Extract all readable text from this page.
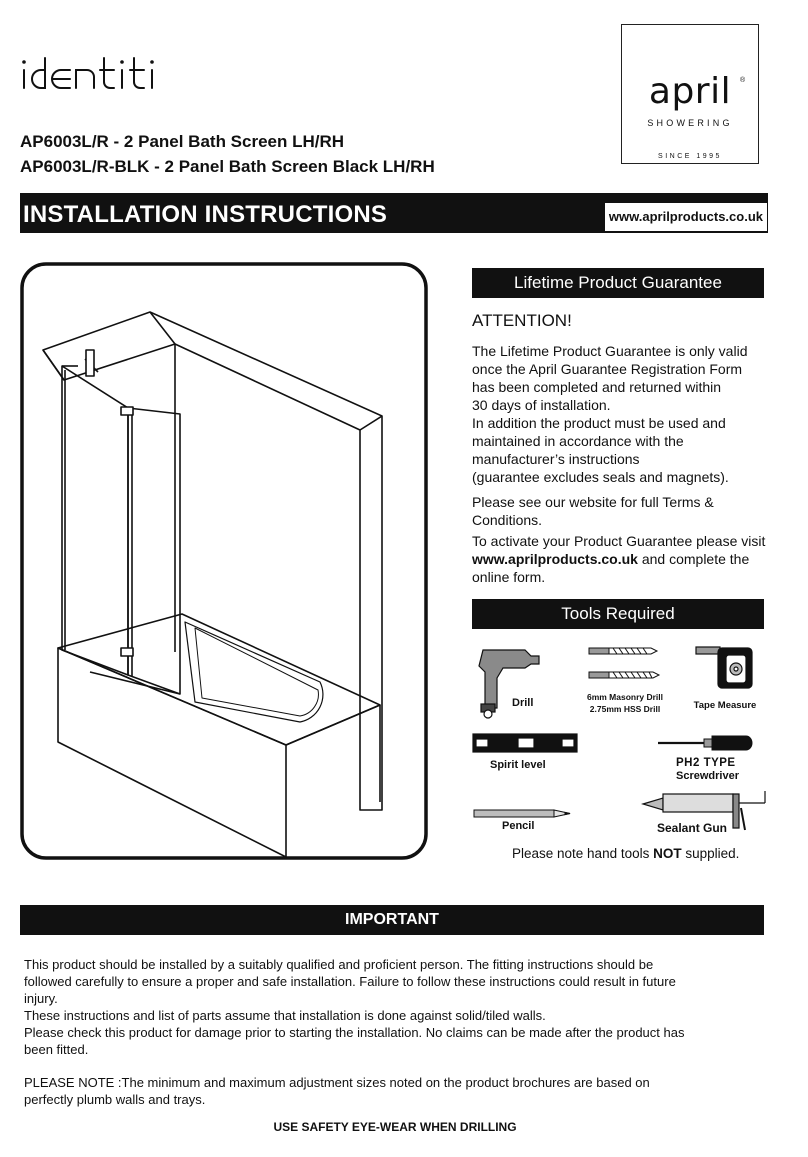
april	®
SHOWERING
SINCE 1995
AP6003L/R - 2 Panel Bath Screen LH/RH
AP6003L/R-BLK - 2 Panel Bath Screen Black LH/RH
INSTALLATION INSTRUCTIONS	www.aprilproducts.co.uk
Lifetime Product Guarantee
ATTENTION!
The Lifetime Product Guarantee is only valid
once the April Guarantee Registration Form
has been completed and returned within
30 days of installation.
In addition the product must be used and
maintained in accordance with the
manufacturer’s instructions
(guarantee excludes seals and magnets).
Please see our website for full Terms &
Conditions.
To activate your Product Guarantee please visit
www.aprilproducts.co.uk and complete the
online form.
Tools Required
Drill	6mm Masonry Drill
2.75mm HSS Drill	Tape Measure
Spirit level	PH2 TYPE
Screwdriver
Pencil	Sealant Gun
Please note hand tools NOT supplied.
IMPORTANT
This product should be installed by a suitably qualified and proficient person. The fitting instructions should be
followed carefully to ensure a proper and safe installation. Failure to follow these instructions could result in future
injury.
These instructions and list of parts assume that installation is done against solid/tiled walls.
Please check this product for damage prior to starting the installation. No claims can be made after the product has
been fitted.
PLEASE NOTE :The minimum and maximum adjustment sizes noted on the product brochures are based on
perfectly plumb walls and trays.
USE SAFETY EYE-WEAR WHEN DRILLING
